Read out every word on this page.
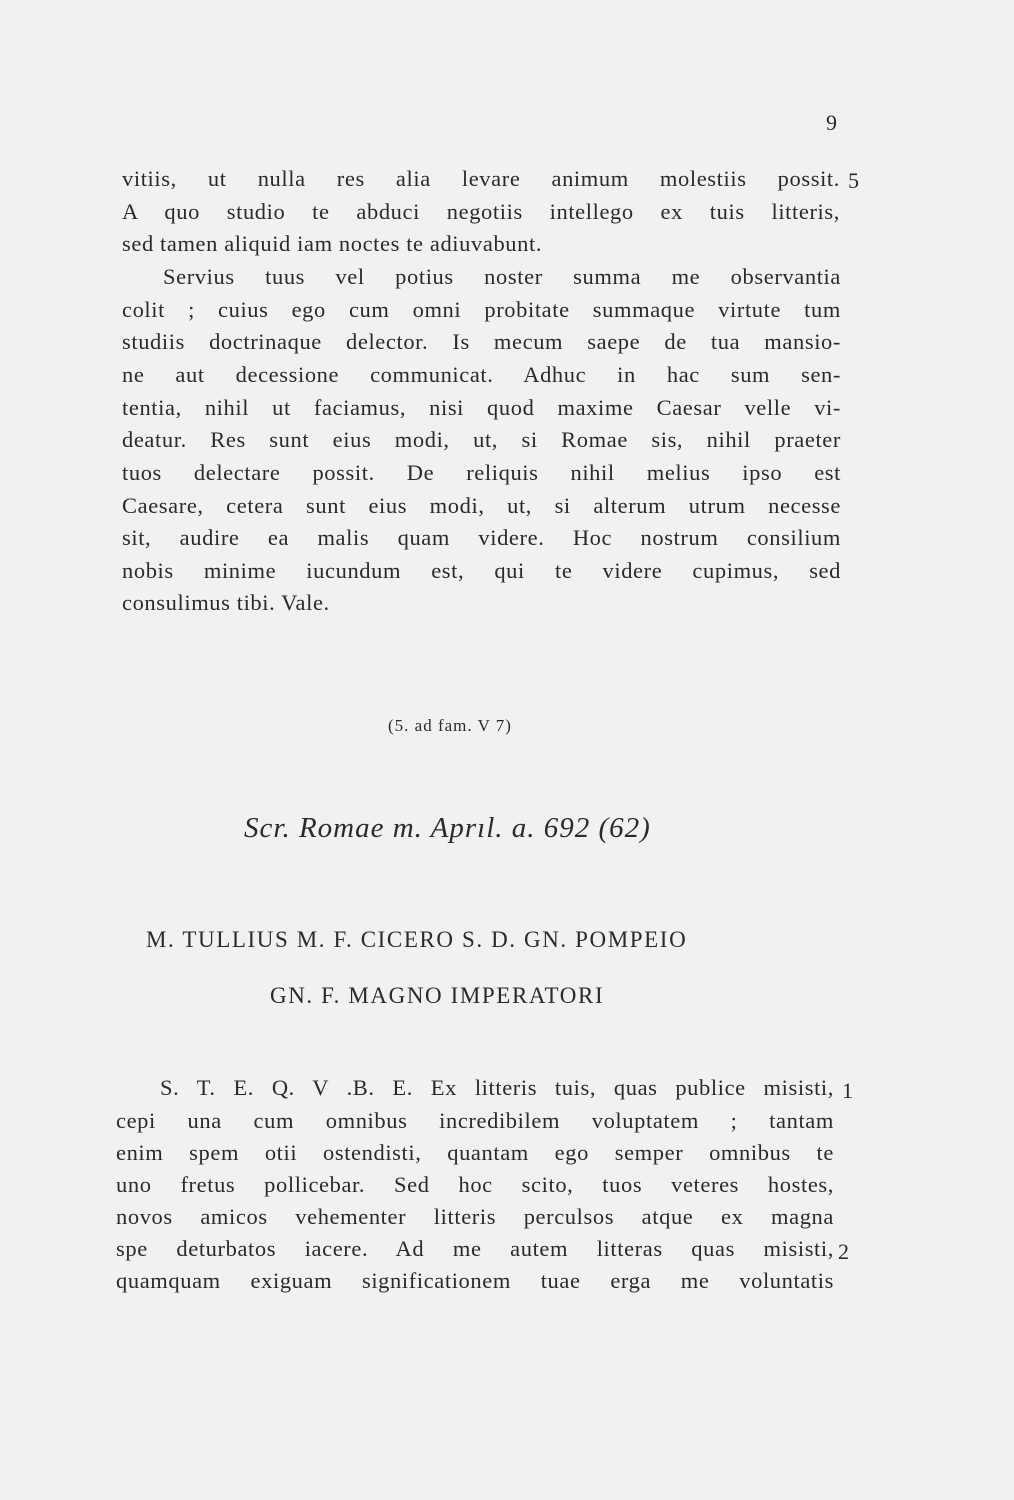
9
vitiis, ut nulla res alia levare animum molestiis possit.
A quo studio te abduci negotiis intellego ex tuis litteris,
sed tamen aliquid iam noctes te adiuvabunt.
5
Servius tuus vel potius noster summa me observantia
colit ; cuius ego cum omni probitate summaque virtute tum
studiis doctrinaque delector. Is mecum saepe de tua mansio-
ne aut decessione communicat. Adhuc in hac sum sen-
tentia, nihil ut faciamus, nisi quod maxime Caesar velle vi-
deatur. Res sunt eius modi, ut, si Romae sis, nihil praeter
tuos delectare possit. De reliquis nihil melius ipso est
Caesare, cetera sunt eius modi, ut, si alterum utrum necesse
sit, audire ea malis quam videre. Hoc nostrum consilium
nobis minime iucundum est, qui te videre cupimus, sed
consulimus tibi. Vale.
(5. ad fam. V 7)
Scr. Romae m. Aprıl. a. 692 (62)
M. TULLIUS M. F. CICERO S. D. GN. POMPEIO
GN. F. MAGNO IMPERATORI
S. T. E. Q. V .B. E. Ex litteris tuis, quas publice misisti,
cepi una cum omnibus incredibilem voluptatem ; tantam
enim spem otii ostendisti, quantam ego semper omnibus te
uno fretus pollicebar. Sed hoc scito, tuos veteres hostes,
novos amicos vehementer litteris perculsos atque ex magna
spe deturbatos iacere. Ad me autem litteras quas misisti,
quamquam exiguam significationem tuae erga me voluntatis
1
2
